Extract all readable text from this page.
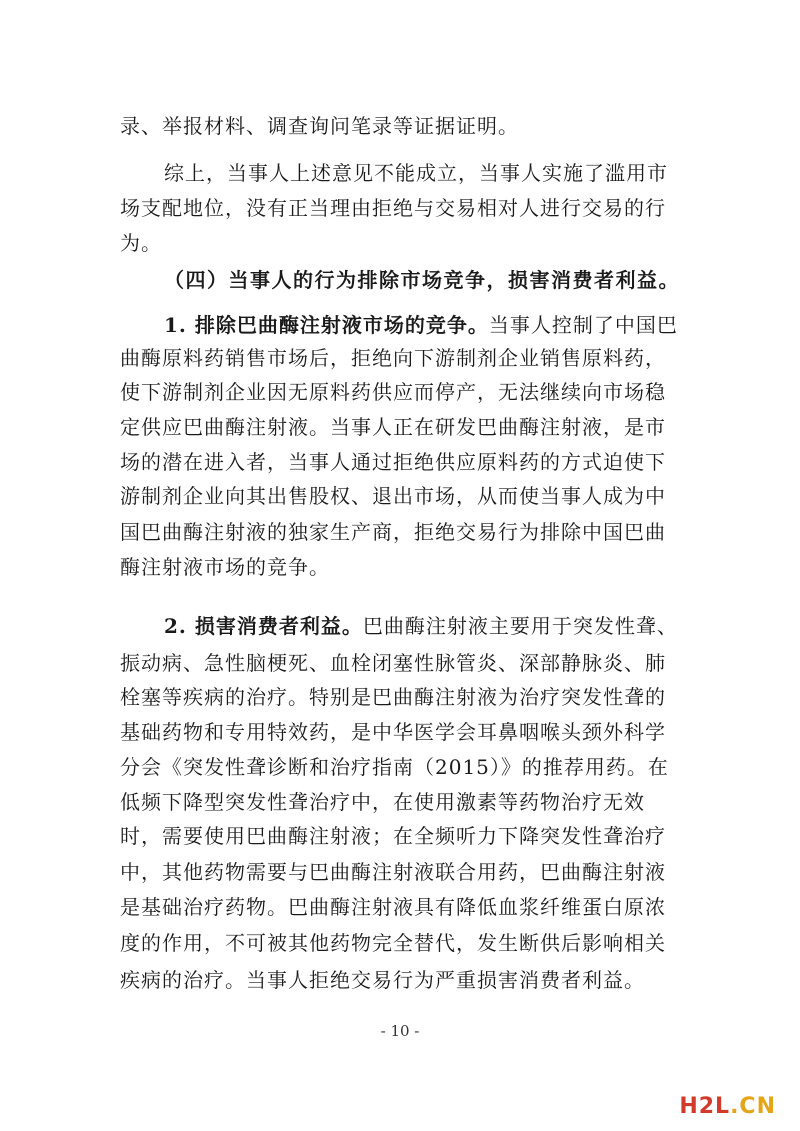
录、举报材料、调查询问笔录等证据证明。
综上，当事人上述意见不能成立，当事人实施了滥用市
场支配地位，没有正当理由拒绝与交易相对人进行交易的行
为。
（四）当事人的行为排除市场竞争，损害消费者利益。
1. 排除巴曲酶注射液市场的竞争。当事人控制了中国巴
曲酶原料药销售市场后，拒绝向下游制剂企业销售原料药，
使下游制剂企业因无原料药供应而停产，无法继续向市场稳
定供应巴曲酶注射液。当事人正在研发巴曲酶注射液，是市
场的潜在进入者，当事人通过拒绝供应原料药的方式迫使下
游制剂企业向其出售股权、退出市场，从而使当事人成为中
国巴曲酶注射液的独家生产商，拒绝交易行为排除中国巴曲
酶注射液市场的竞争。
2. 损害消费者利益。巴曲酶注射液主要用于突发性聋、
振动病、急性脑梗死、血栓闭塞性脉管炎、深部静脉炎、肺
栓塞等疾病的治疗。特别是巴曲酶注射液为治疗突发性聋的
基础药物和专用特效药，是中华医学会耳鼻咽喉头颈外科学
分会《突发性聋诊断和治疗指南（2015）》的推荐用药。在
低频下降型突发性聋治疗中，在使用激素等药物治疗无效
时，需要使用巴曲酶注射液；在全频听力下降突发性聋治疗
中，其他药物需要与巴曲酶注射液联合用药，巴曲酶注射液
是基础治疗药物。巴曲酶注射液具有降低血浆纤维蛋白原浓
度的作用，不可被其他药物完全替代，发生断供后影响相关
疾病的治疗。当事人拒绝交易行为严重损害消费者利益。
- 10 -
H2L.CN
